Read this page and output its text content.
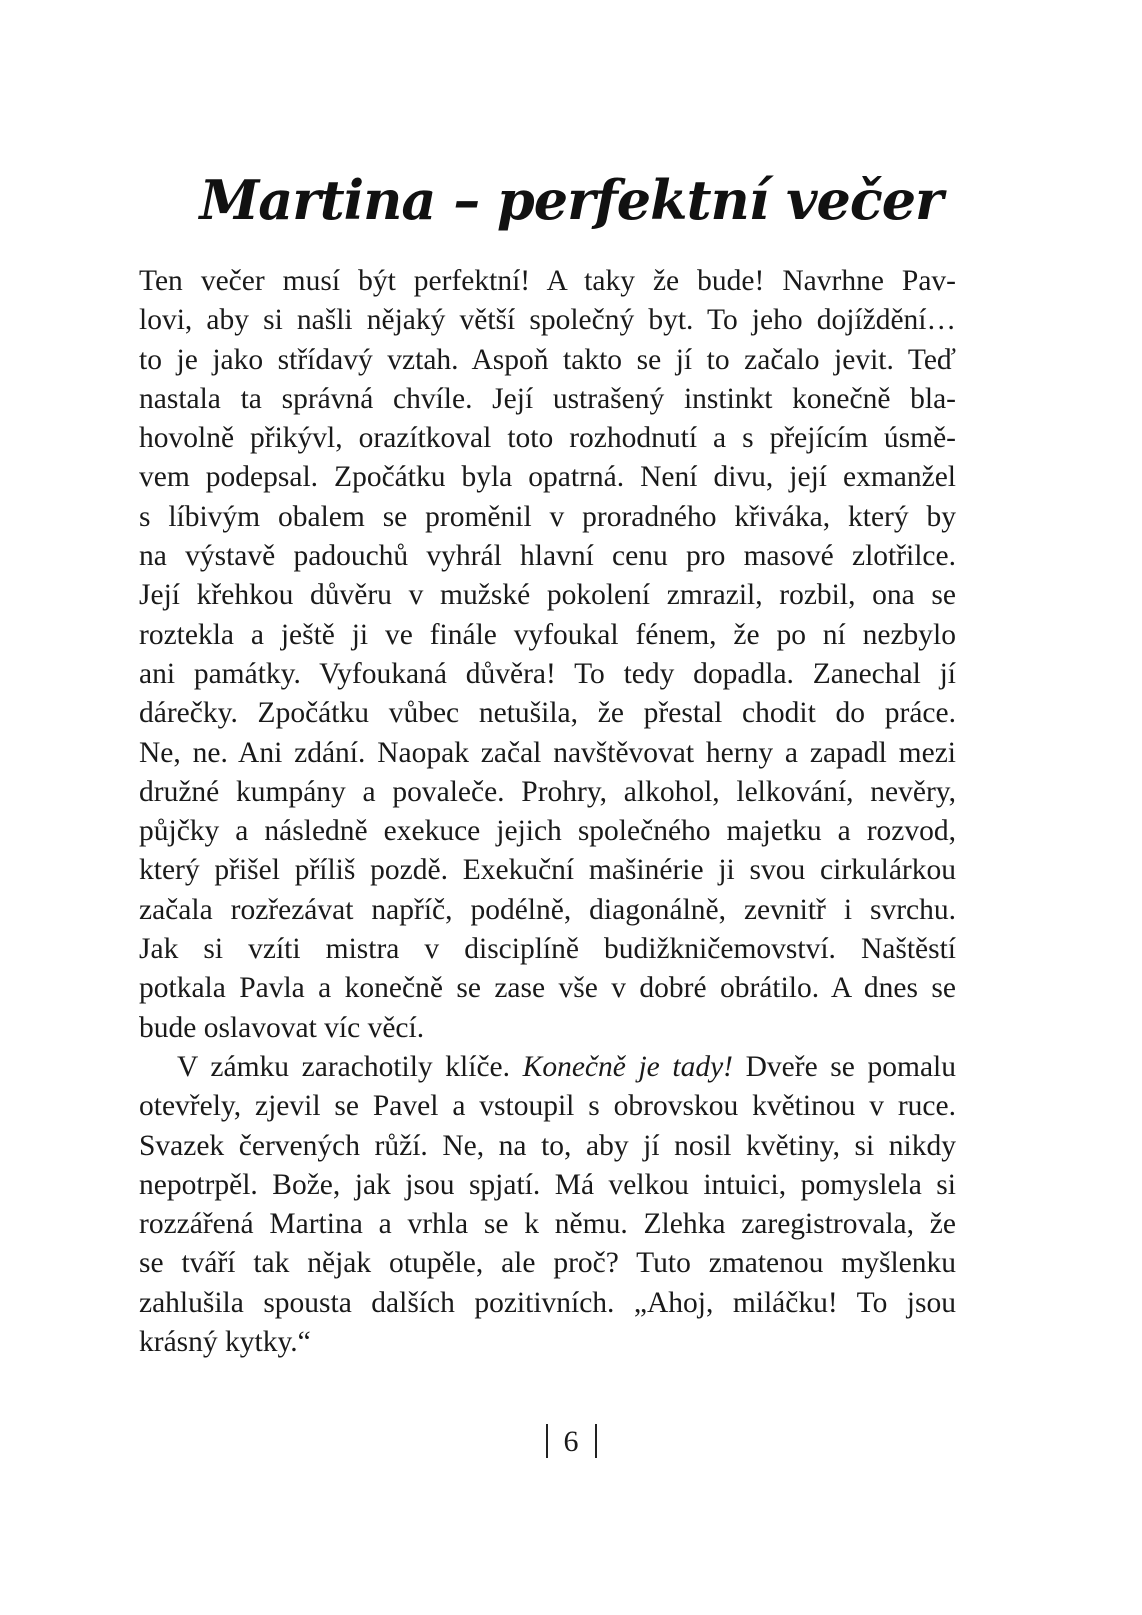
Martina – perfektní večer

Ten večer musí být perfektní! A taky že bude! Navrhne Pav-

lovi, aby si našli nějaký větší společný byt. To jeho dojíždění…

to je jako střídavý vztah. Aspoň takto se jí to začalo jevit. Teď

nastala ta správná chvíle. Její ustrašený instinkt konečně bla-

hovolně přikývl, orazítkoval toto rozhodnutí a s přejícím úsmě-

vem podepsal. Zpočátku byla opatrná. Není divu, její exmanžel

s líbivým obalem se proměnil v proradného křiváka, který by

na výstavě padouchů vyhrál hlavní cenu pro masové zlotřilce.

Její křehkou důvěru v mužské pokolení zmrazil, rozbil, ona se

roztekla a ještě ji ve finále vyfoukal fénem, že po ní nezbylo

ani památky. Vyfoukaná důvěra! To tedy dopadla. Zanechal jí

dárečky. Zpočátku vůbec netušila, že přestal chodit do práce.

Ne, ne. Ani zdání. Naopak začal navštěvovat herny a zapadl mezi

družné kumpány a povaleče. Prohry, alkohol, lelkování, nevěry,

půjčky a následně exekuce jejich společného majetku a rozvod,

který přišel příliš pozdě. Exekuční mašinérie ji svou cirkulárkou

začala rozřezávat napříč, podélně, diagonálně, zevnitř i svrchu.

Jak si vzíti mistra v disciplíně budižkničemovství. Naštěstí

potkala Pavla a konečně se zase vše v dobré obrátilo. A dnes se

bude oslavovat víc věcí.

V zámku zarachotily klíče. Konečně je tady! Dveře se pomalu

otevřely, zjevil se Pavel a vstoupil s obrovskou květinou v ruce.

Svazek červených růží. Ne, na to, aby jí nosil květiny, si nikdy

nepotrpěl. Bože, jak jsou spjatí. Má velkou intuici, pomyslela si

rozzářená Martina a vrhla se k němu. Zlehka zaregistrovala, že

se tváří tak nějak otupěle, ale proč? Tuto zmatenou myšlenku

zahlušila spousta dalších pozitivních. „Ahoj, miláčku! To jsou

krásný kytky.“

6
